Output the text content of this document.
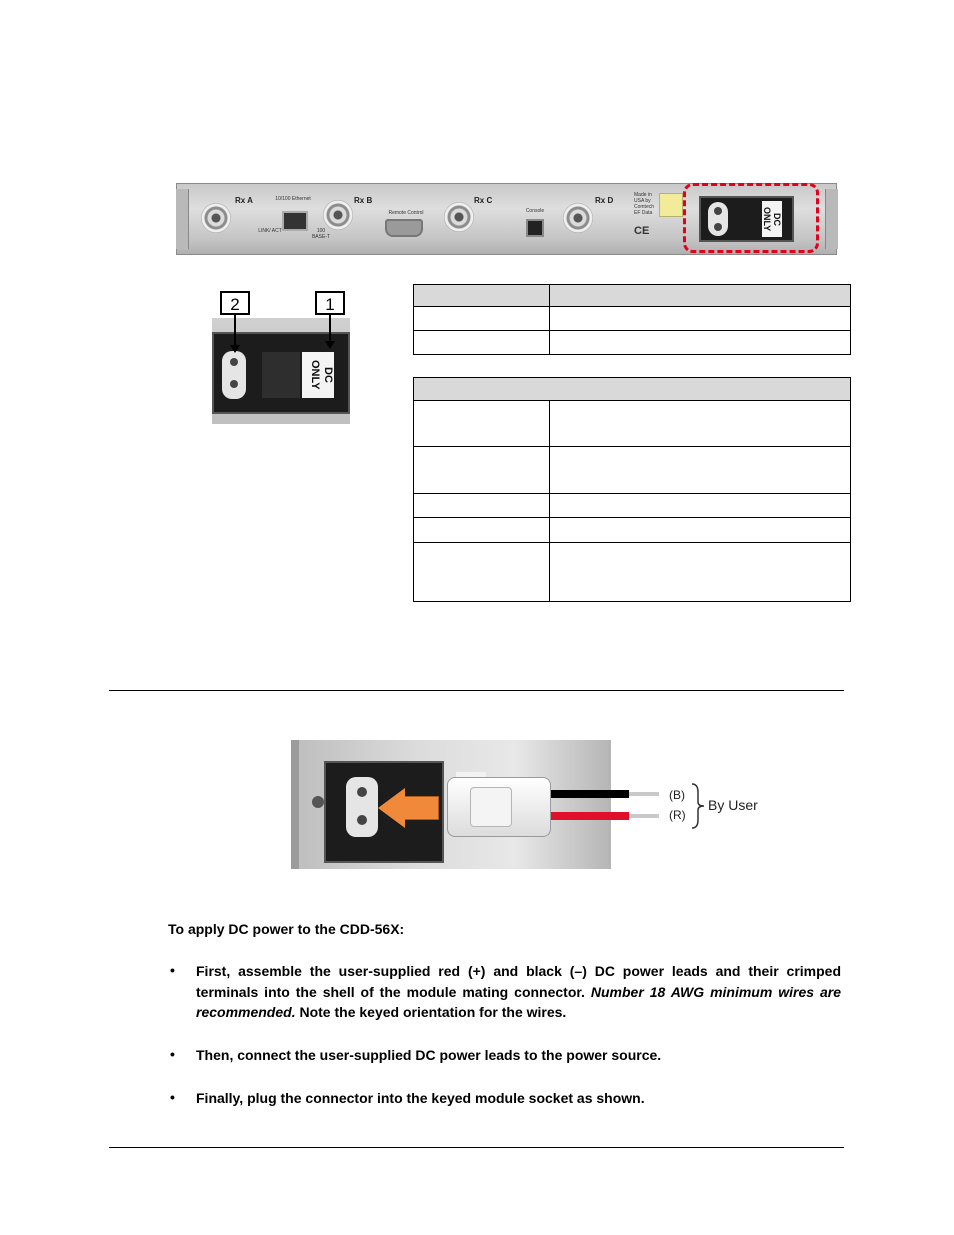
Rx A	10/100 Ethernet
LINK/ ACT	100 BASE-T
Rx B
Remote Control
Rx C
Console
Rx D
Made in
USA by
Comtech
EF Data
CE
DC ONLY
DC ONLY
2	1

(B)
(R)
By User
To apply DC power to the CDD-56X:
• First, assemble the user-supplied red (+) and black (–) DC power leads and their crimped terminals into the shell of the module mating connector. Number 18 AWG minimum wires are recommended. Note the keyed orientation for the wires.
• Then, connect the user-supplied DC power leads to the power source.
• Finally, plug the connector into the keyed module socket as shown.
